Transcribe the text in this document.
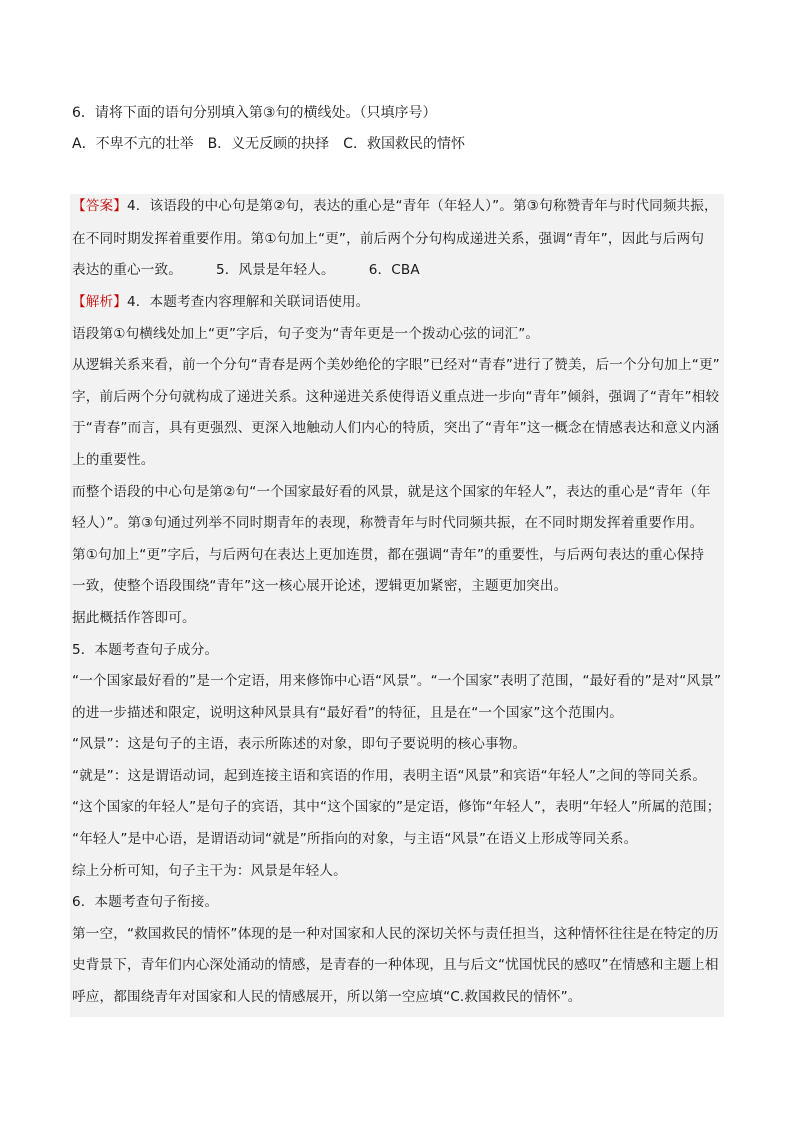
6．请将下面的语句分别填入第③句的横线处。（只填序号）
A．不卑不亢的壮举　B．义无反顾的抉择　C．救国救民的情怀
【答案】4．该语段的中心句是第②句，表达的重心是“青年（年轻人）”。第③句称赞青年与时代同频共振，
在不同时期发挥着重要作用。第①句加上“更”，前后两个分句构成递进关系，强调“青年”，因此与后两句
表达的重心一致。	5．风景是年轻人。	6．CBA
【解析】4．本题考查内容理解和关联词语使用。
语段第①句横线处加上“更”字后，句子变为“青年更是一个拨动心弦的词汇”。
从逻辑关系来看，前一个分句“青春是两个美妙绝伦的字眼”已经对“青春”进行了赞美，后一个分句加上“更”
字，前后两个分句就构成了递进关系。这种递进关系使得语义重点进一步向“青年”倾斜，强调了“青年”相较
于“青春”而言，具有更强烈、更深入地触动人们内心的特质，突出了“青年”这一概念在情感表达和意义内涵
上的重要性。
而整个语段的中心句是第②句“一个国家最好看的风景，就是这个国家的年轻人”，表达的重心是“青年（年
轻人）”。第③句通过列举不同时期青年的表现，称赞青年与时代同频共振，在不同时期发挥着重要作用。
第①句加上“更”字后，与后两句在表达上更加连贯，都在强调“青年”的重要性，与后两句表达的重心保持
一致，使整个语段围绕“青年”这一核心展开论述，逻辑更加紧密，主题更加突出。
据此概括作答即可。
5．本题考查句子成分。
“一个国家最好看的”是一个定语，用来修饰中心语“风景”。“一个国家”表明了范围，“最好看的”是对“风景”
的进一步描述和限定，说明这种风景具有“最好看”的特征，且是在“一个国家”这个范围内。
“风景”：这是句子的主语，表示所陈述的对象，即句子要说明的核心事物。
“就是”：这是谓语动词，起到连接主语和宾语的作用，表明主语“风景”和宾语“年轻人”之间的等同关系。
“这个国家的年轻人”是句子的宾语，其中“这个国家的”是定语，修饰“年轻人”，表明“年轻人”所属的范围；
“年轻人”是中心语，是谓语动词“就是”所指向的对象，与主语“风景”在语义上形成等同关系。
综上分析可知，句子主干为：风景是年轻人。
6．本题考查句子衔接。
第一空，“救国救民的情怀”体现的是一种对国家和人民的深切关怀与责任担当，这种情怀往往是在特定的历
史背景下，青年们内心深处涌动的情感，是青春的一种体现，且与后文“忧国忧民的感叹”在情感和主题上相
呼应，都围绕青年对国家和人民的情感展开，所以第一空应填“C.救国救民的情怀”。
